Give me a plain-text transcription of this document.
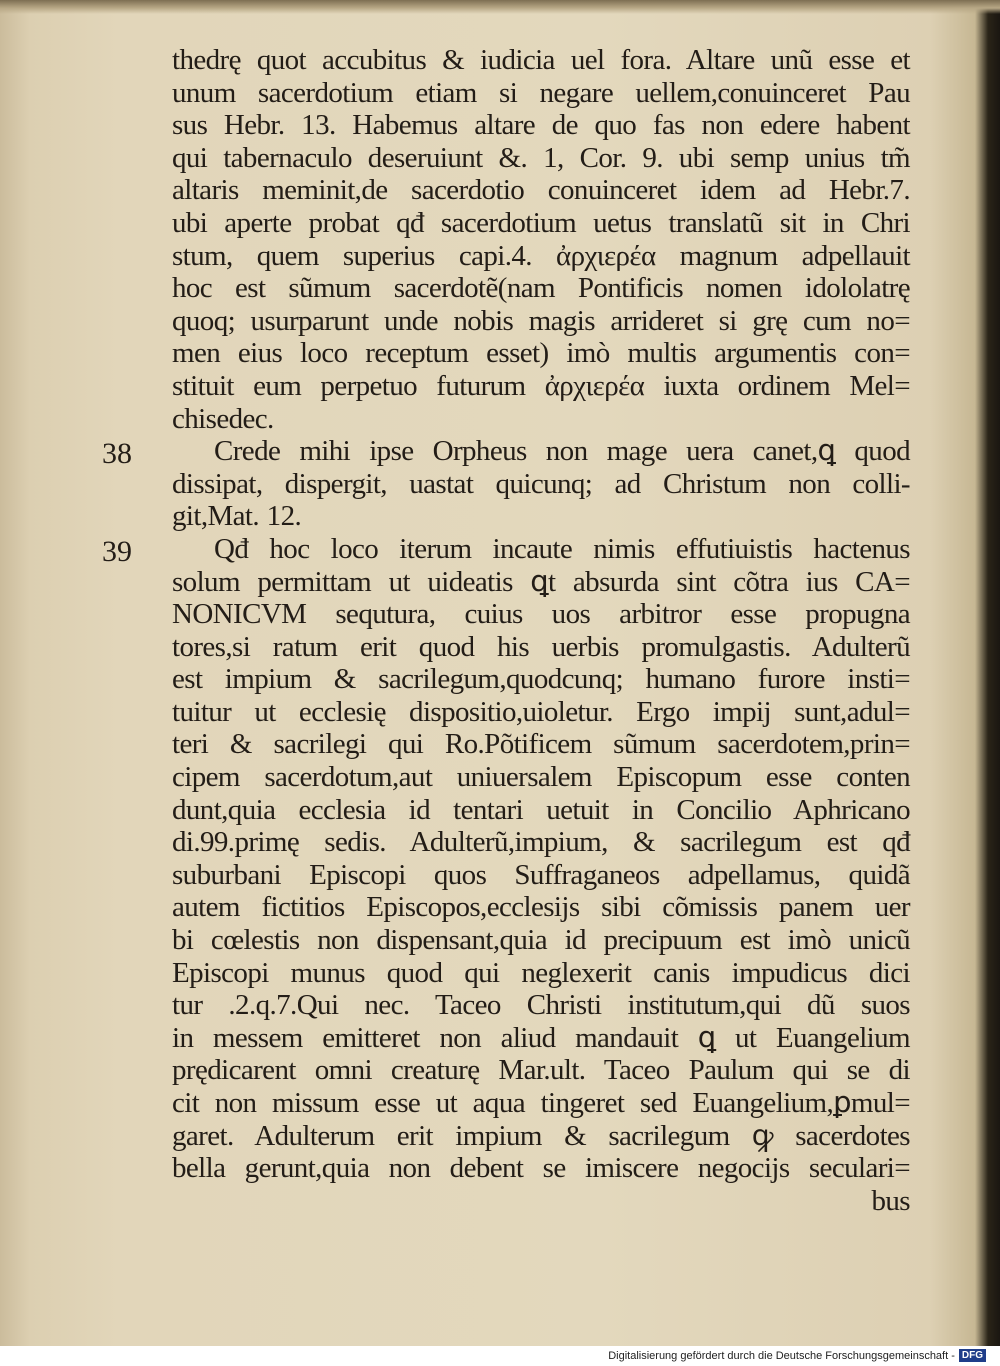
38
39
thedrę quot accubitus & iudicia uel fora. Altare unũ esse et
unum sacerdotium etiam si negare uellem,conuinceret Pau
sus Hebr. 13. Habemus altare de quo fas non edere habent
qui tabernaculo deseruiunt &. 1, Cor. 9. ubi semp unius tm̃
altaris meminit,de sacerdotio conuinceret idem ad Hebr.7.
ubi aperte probat qđ sacerdotium uetus translatũ sit in Chri
stum, quem superius capi.4. ἀρχιερέα magnum adpellauit
hoc est sũmum sacerdotẽ(nam Pontificis nomen idololatrę
quoq; usurparunt unde nobis magis arrideret si grę cum no=
men eius loco receptum esset) imò multis argumentis con=
stituit eum perpetuo futurum ἀρχιερέα iuxta ordinem Mel=
chisedec.
Crede mihi ipse Orpheus non mage uera canet,ꝗ quod
dissipat, dispergit, uastat quicunq; ad Christum non colli-
git,Mat. 12.
Qđ hoc loco iterum incaute nimis effutiuistis hactenus
solum permittam ut uideatis ꝗt absurda sint cõtra ius CA=
NONICVM sequtura, cuius uos arbitror esse propugna
tores,si ratum erit quod his uerbis promulgastis. Adulterũ
est impium & sacrilegum,quodcunq; humano furore insti=
tuitur ut ecclesię dispositio,uioletur. Ergo impij sunt,adul=
teri & sacrilegi qui Ro.Põtificem sũmum sacerdotem,prin=
cipem sacerdotum,aut uniuersalem Episcopum esse conten
dunt,quia ecclesia id tentari uetuit in Concilio Aphricano
di.99.primę sedis. Adulterũ,impium, & sacrilegum est qđ
suburbani Episcopi quos Suffraganeos adpellamus, quidã
autem fictitios Episcopos,ecclesijs sibi cõmissis panem uer
bi cœlestis non dispensant,quia id precipuum est imò unicũ
Episcopi munus quod qui neglexerit canis impudicus dici
tur .2.q.7.Qui nec. Taceo Christi institutum,qui dũ suos
in messem emitteret non aliud mandauit ꝗ ut Euangelium
prędicarent omni creaturę Mar.ult. Taceo Paulum qui se di
cit non missum esse ut aqua tingeret sed Euangelium,ꝑmul=
garet. Adulterum erit impium & sacrilegum ꝙ sacerdotes
bella gerunt,quia non debent se imiscere negocijs seculari=
bus
Digitalisierung gefördert durch die Deutsche Forschungsgemeinschaft - DFG
